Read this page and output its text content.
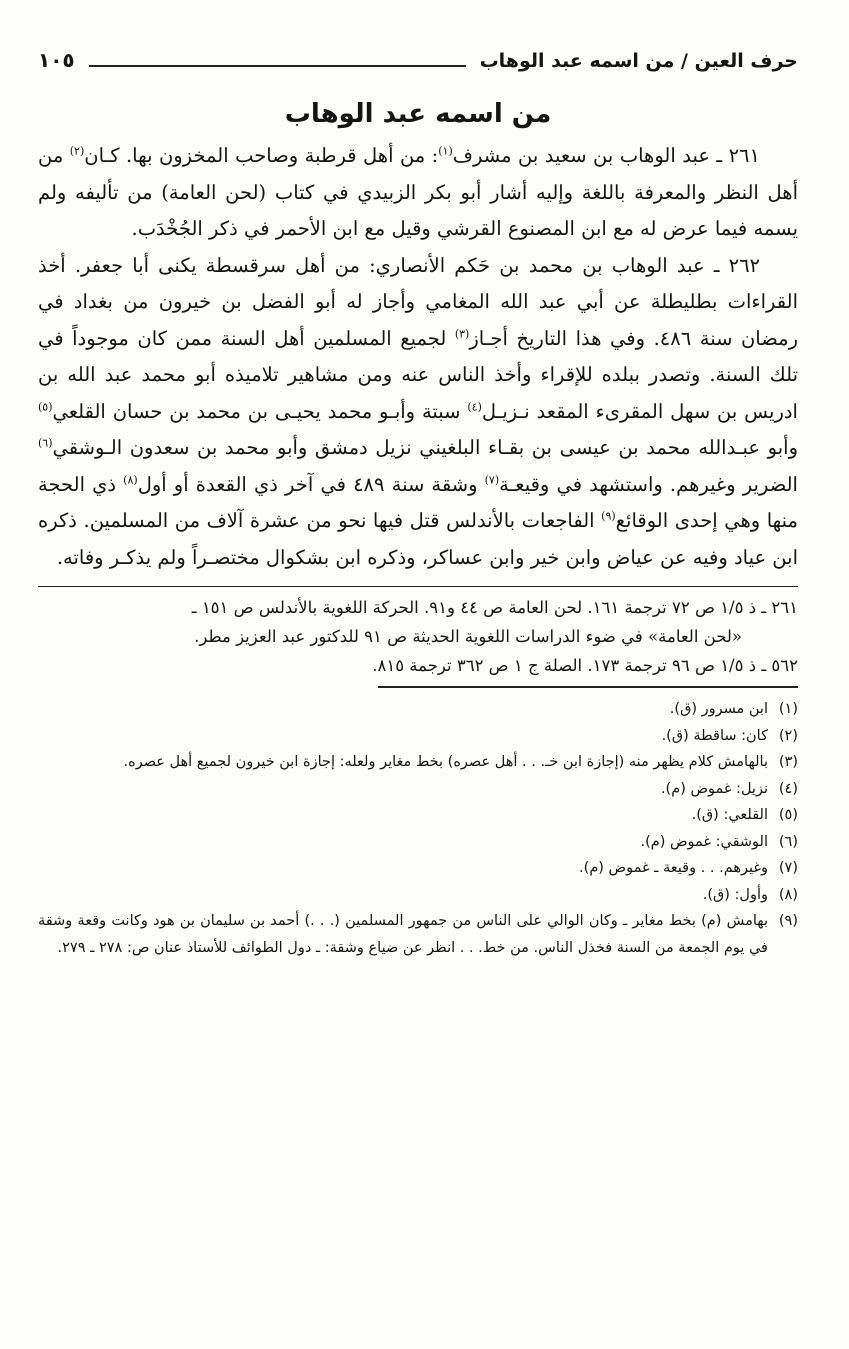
حرف العين / من اسمه عبد الوهاب
١٠٥
من اسمه عبد الوهاب

٢٦١ ـ عبد الوهاب بن سعيد بن مشرف$^{(١)}$: من أهل قرطبة وصاحب المخزون بها. كـان$^{(٢)}$ من أهل النظر والمعرفة باللغة وإليه أشار أبو بكر الزبيدي في كتاب (لحن العامة) من تأليفه ولم يسمه فيما عرض له مع ابن المصنوع القرشي وقيل مع ابن الأحمر في ذكر الجُخْدَب.

٢٦٢ ـ عبد الوهاب بن محمد بن حَكم الأنصاري: من أهل سرقسطة يكنى أبا جعفر. أخذ القراءات بطليطلة عن أبي عبد الله المغامي وأجاز له أبو الفضل بن خيرون من بغداد في رمضان سنة ٤٨٦. وفي هذا التاريخ أجـاز$^{(٣)}$ لجميع المسلمين أهل السنة ممن كان موجوداً في تلك السنة. وتصدر ببلده للإقراء وأخذ الناس عنه ومن مشاهير تلاميذه أبو محمد عبد الله بن ادريس بن سهل المقرىء المقعد نـزيـل$^{(٤)}$ سبتة وأبـو محمد يحيـى بن محمد بن حسان القلعي$^{(٥)}$ وأبو عبـدالله محمد بن عيسى بن بقـاء البلغيني نزيل دمشق وأبو محمد بن سعدون الـوشقي$^{(٦)}$ الضرير وغيرهم. واستشهد في وقيعـة$^{(٧)}$ وشقة سنة ٤٨٩ في آخر ذي القعدة أو أول$^{(٨)}$ ذي الحجة منها وهي إحدى الوقائع$^{(٩)}$ الفاجعات بالأندلس قتل فيها نحو من عشرة آلاف من المسلمين. ذكره ابن عياد وفيه عن عياض وابن خير وابن عساكر، وذكره ابن بشكوال مختصـراً ولم يذكـر وفاته.

٢٦١ ـ ذ ١/٥ ص ٧٢ ترجمة ١٦١. لحن العامة ص ٤٤ و٩١. الحركة اللغوية بالأندلس ص ١٥١ ـ

«لحن العامة» في ضوء الدراسات اللغوية الحديثة ص ٩١ للدكتور عبد العزيز مطر.

٥٦٢ ـ ذ ١/٥ ص ٩٦ ترجمة ١٧٣. الصلة ج ١ ص ٣٦٢ ترجمة ٨١٥.

(١)
ابن مسرور (ق).
(٢)
كان: ساقطة (ق).
(٣)
بالهامش كلام يظهر منه (إجازة ابن خـ. . . أهل عصره) بخط مغاير ولعله: إجازة ابن خيرون لجميع أهل عصره.
(٤)
نزيل: غموض (م).
(٥)
القلعي: (ق).
(٦)
الوشقي: غموض (م).
(٧)
وغيرهم. . . وقيعة ـ غموض (م).
(٨)
وأول: (ق).
(٩)
بهامش (م) بخط مغاير ـ وكان الوالي على الناس من جمهور المسلمين (. . .) أحمد بن سليمان بن هود وكانت وقعة وشقة في يوم الجمعة من السنة فخذل الناس. من خط. . . انظر عن ضياع وشقة: ـ دول الطوائف للأستاذ عنان ص: ٢٧٨ ـ ٢٧٩.
